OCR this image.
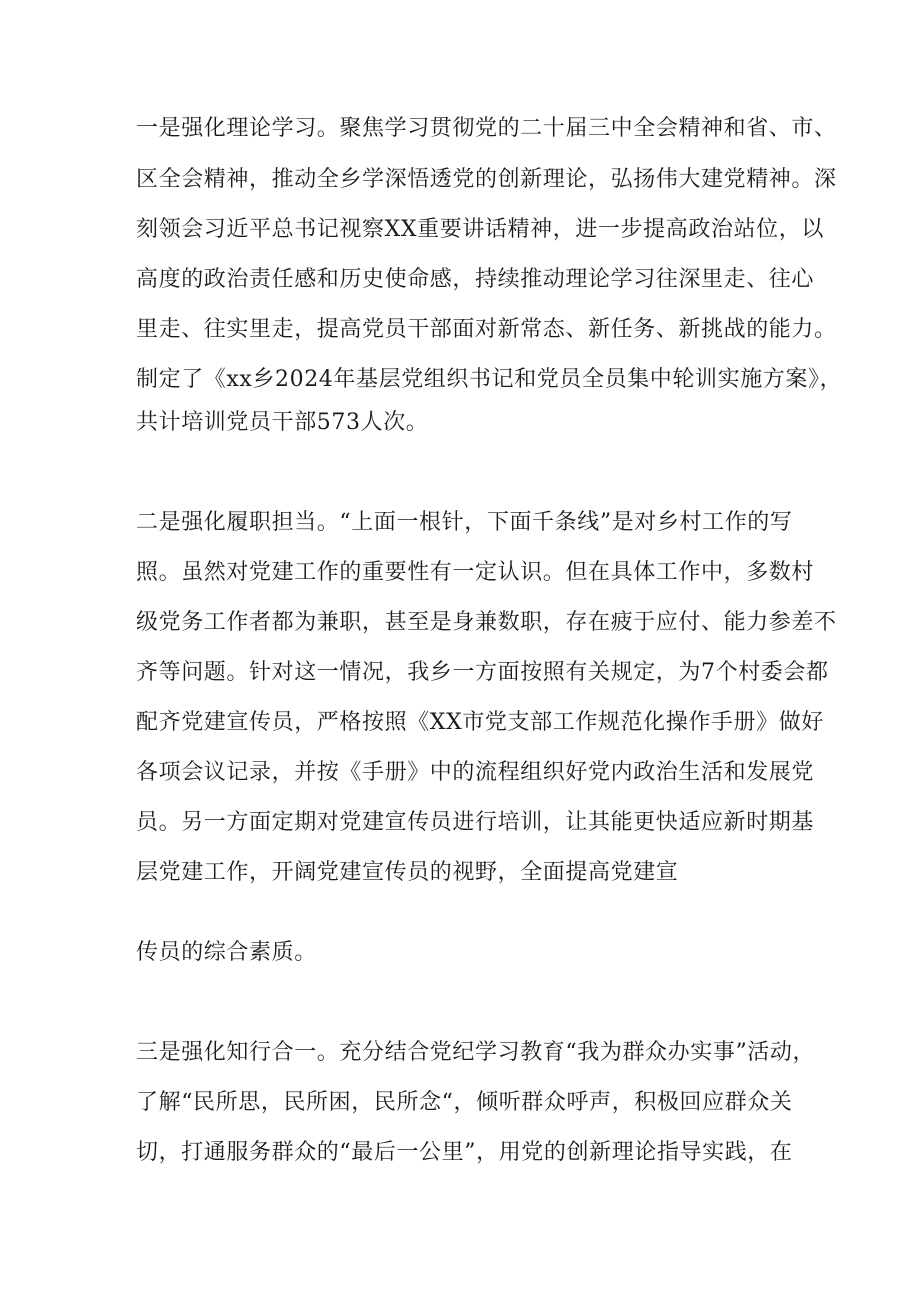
一是强化理论学习。聚焦学习贯彻党的二十届三中全会精神和省、市、
区全会精神，推动全乡学深悟透党的创新理论，弘扬伟大建党精神。深
刻领会习近平总书记视察XX重要讲话精神，进一步提高政治站位，以
高度的政治责任感和历史使命感，持续推动理论学习往深里走、往心
里走、往实里走，提高党员干部面对新常态、新任务、新挑战的能力。
制定了《xx乡2024年基层党组织书记和党员全员集中轮训实施方案》，
共计培训党员干部573人次。
二是强化履职担当。“上面一根针，下面千条线”是对乡村工作的写
照。虽然对党建工作的重要性有一定认识。但在具体工作中，多数村
级党务工作者都为兼职，甚至是身兼数职，存在疲于应付、能力参差不
齐等问题。针对这一情况，我乡一方面按照有关规定，为7个村委会都
配齐党建宣传员，严格按照《XX市党支部工作规范化操作手册》做好
各项会议记录，并按《手册》中的流程组织好党内政治生活和发展党
员。另一方面定期对党建宣传员进行培训，让其能更快适应新时期基
层党建工作，开阔党建宣传员的视野，全面提高党建宣
传员的综合素质。
三是强化知行合一。充分结合党纪学习教育“我为群众办实事”活动，
了解“民所思，民所困，民所念“，倾听群众呼声，积极回应群众关
切，打通服务群众的“最后一公里”，用党的创新理论指导实践，在
